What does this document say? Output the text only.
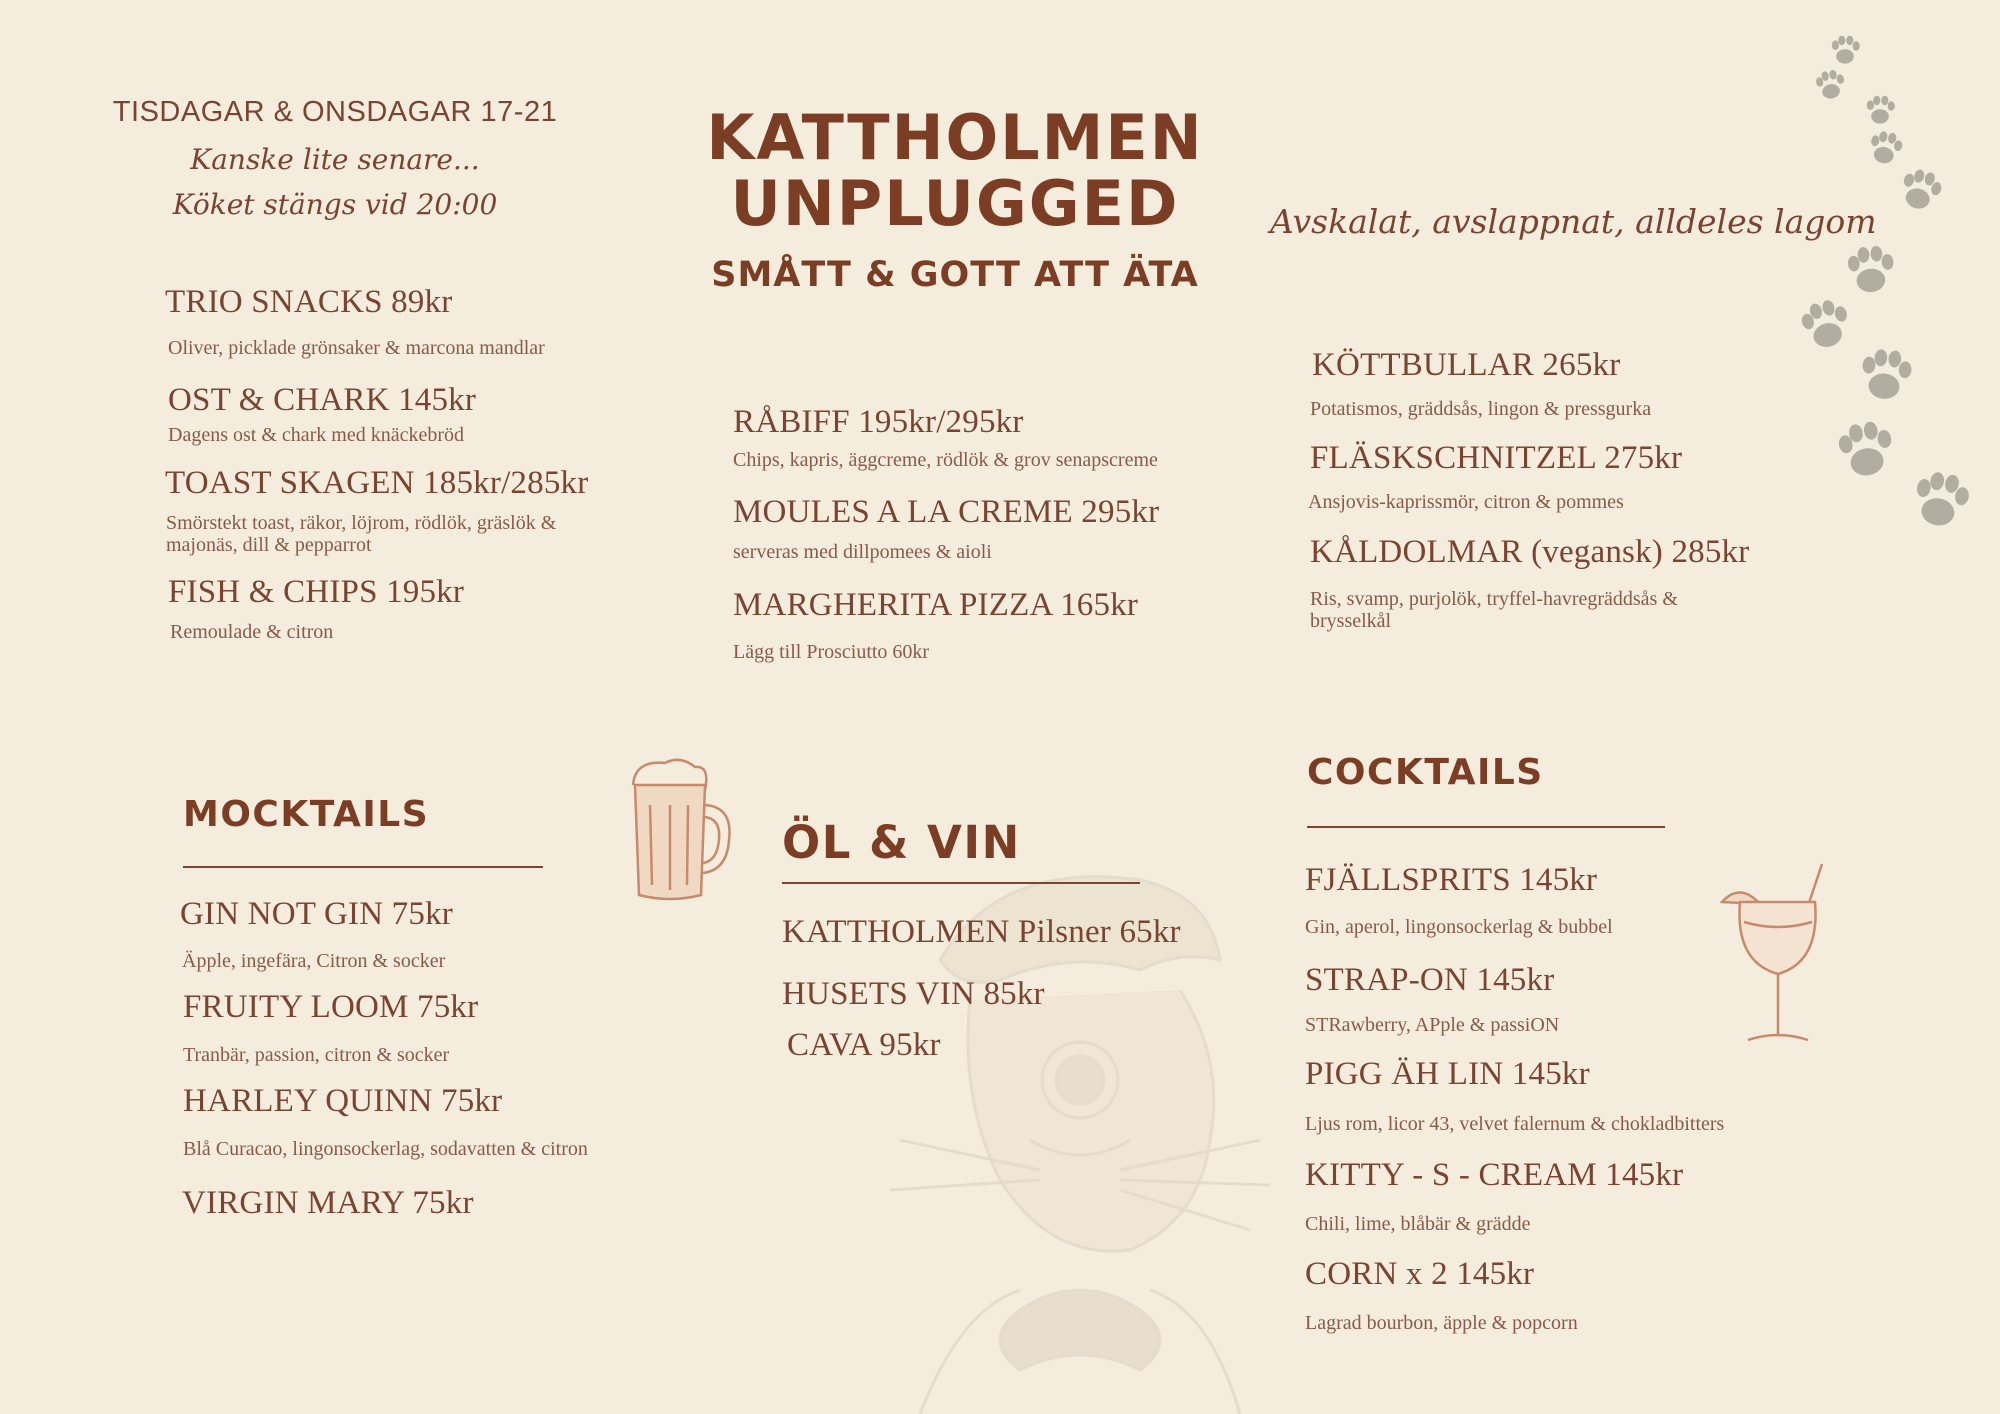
TISDAGAR & ONSDAGAR 17-21
Kanske lite senare...
Köket stängs vid 20:00
KATTHOLMEN
UNPLUGGED
SMÅTT & GOTT ATT ÄTA
Avskalat, avslappnat, alldeles lagom
TRIO SNACKS 89kr
Oliver, picklade grönsaker & marcona mandlar
OST & CHARK 145kr
Dagens ost & chark med knäckebröd
TOAST SKAGEN 185kr/285kr
Smörstekt toast, räkor, löjrom, rödlök, gräslök & majonäs, dill & pepparrot
FISH & CHIPS 195kr
Remoulade & citron
RÅBIFF 195kr/295kr
Chips, kapris, äggcreme, rödlök & grov senapscreme
MOULES A LA CREME 295kr
serveras med dillpomees & aioli
MARGHERITA PIZZA 165kr
Lägg till Prosciutto 60kr
KÖTTBULLAR 265kr
Potatismos, gräddsås, lingon & pressgurka
FLÄSKSCHNITZEL 275kr
Ansjovis-kaprissmör, citron & pommes
KÅLDOLMAR (vegansk) 285kr
Ris, svamp, purjolök, tryffel-havregräddsås & brysselkål
MOCKTAILS
GIN NOT GIN 75kr
Äpple, ingefära, Citron & socker
FRUITY LOOM 75kr
Tranbär, passion, citron & socker
HARLEY QUINN 75kr
Blå Curacao, lingonsockerlag, sodavatten & citron
VIRGIN MARY 75kr
ÖL & VIN
KATTHOLMEN Pilsner 65kr
HUSETS VIN 85kr
CAVA 95kr
COCKTAILS
FJÄLLSPRITS 145kr
Gin, aperol, lingonsockerlag & bubbel
STRAP-ON 145kr
STRawberry, APple & passiON
PIGG ÄH LIN 145kr
Ljus rom, licor 43, velvet falernum & chokladbitters
KITTY - S - CREAM 145kr
Chili, lime, blåbär & grädde
CORN x 2 145kr
Lagrad bourbon, äpple & popcorn
